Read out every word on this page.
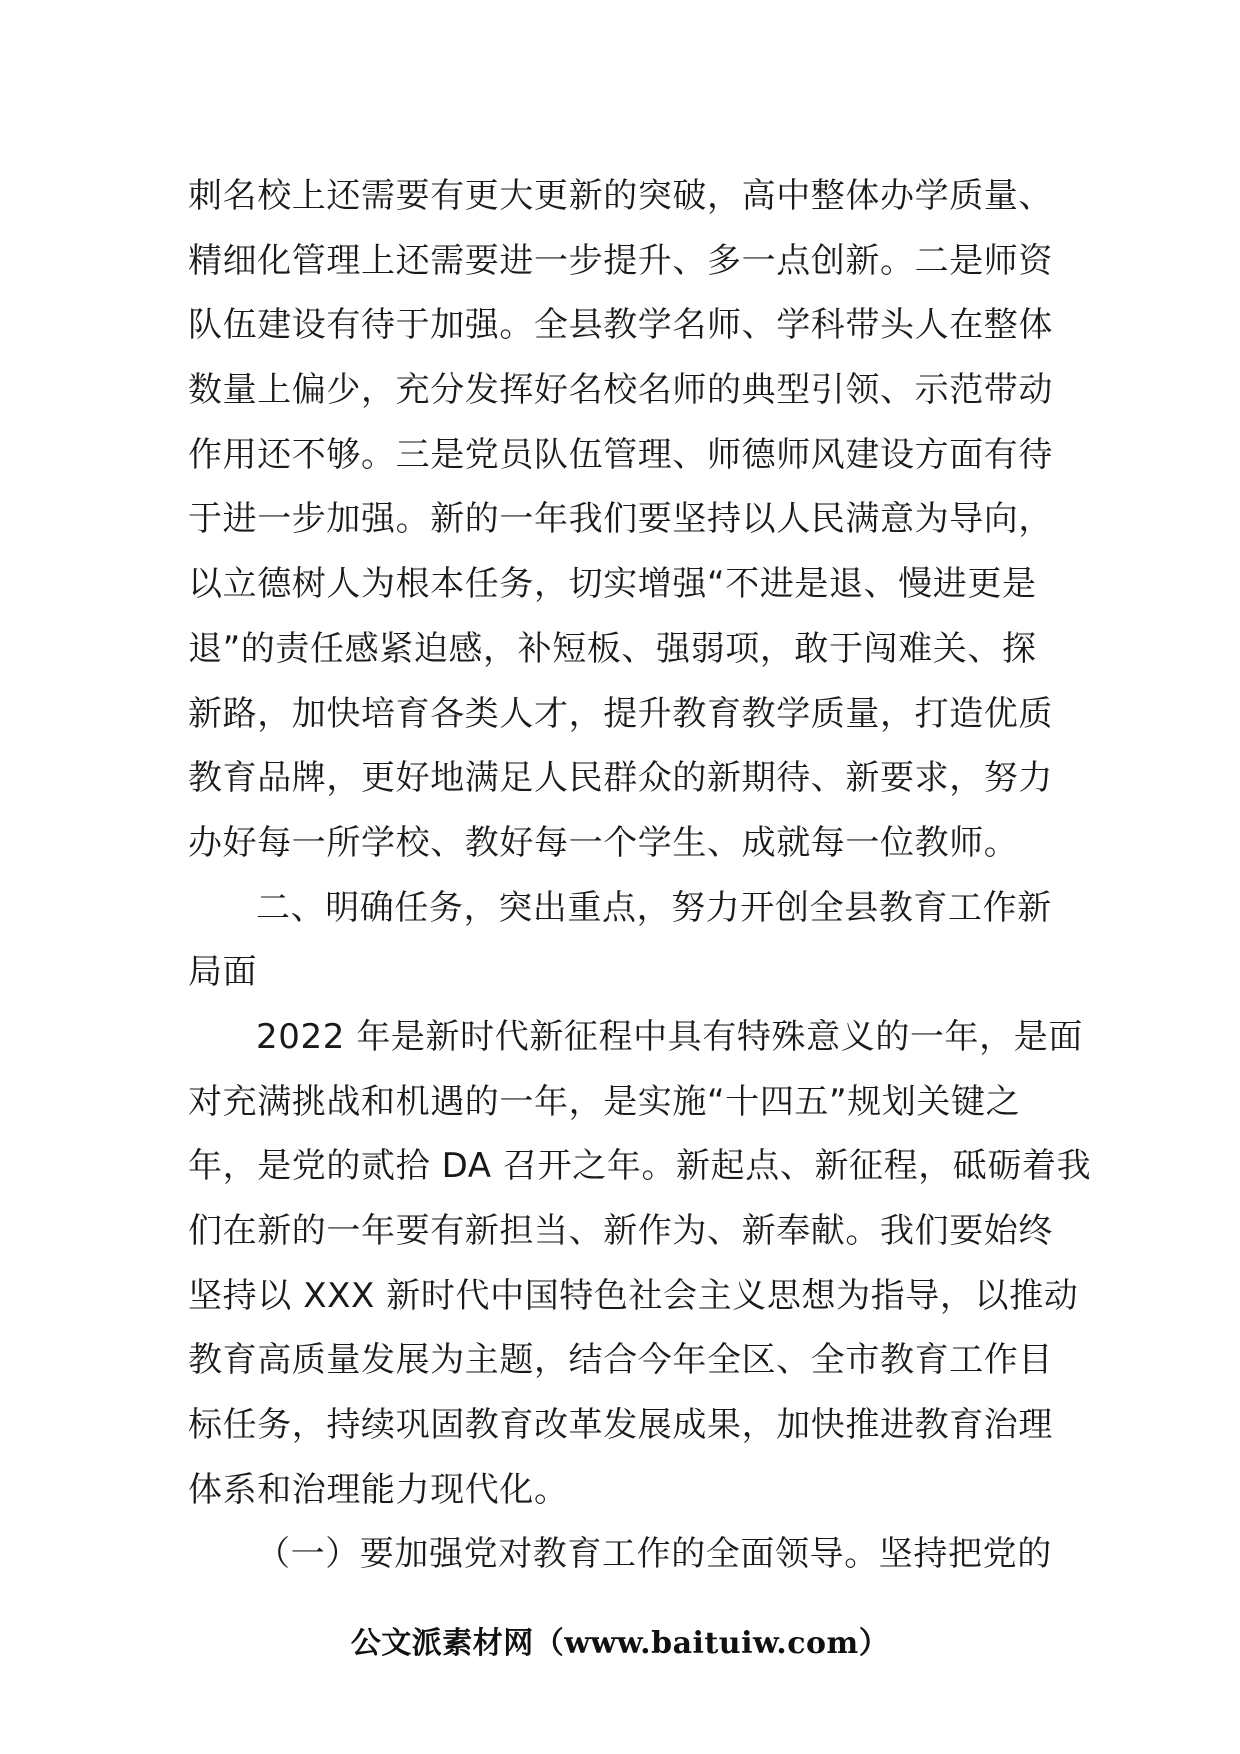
刺名校上还需要有更大更新的突破，高中整体办学质量、
精细化管理上还需要进一步提升、多一点创新。二是师资
队伍建设有待于加强。全县教学名师、学科带头人在整体
数量上偏少，充分发挥好名校名师的典型引领、示范带动
作用还不够。三是党员队伍管理、师德师风建设方面有待
于进一步加强。新的一年我们要坚持以人民满意为导向，
以立德树人为根本任务，切实增强“不进是退、慢进更是
退”的责任感紧迫感，补短板、强弱项，敢于闯难关、探
新路，加快培育各类人才，提升教育教学质量，打造优质
教育品牌，更好地满足人民群众的新期待、新要求，努力
办好每一所学校、教好每一个学生、成就每一位教师。
二、明确任务，突出重点，努力开创全县教育工作新
局面
2022 年是新时代新征程中具有特殊意义的一年，是面
对充满挑战和机遇的一年，是实施“十四五”规划关键之
年，是党的贰拾 DA 召开之年。新起点、新征程，砥砺着我
们在新的一年要有新担当、新作为、新奉献。我们要始终
坚持以 XXX 新时代中国特色社会主义思想为指导，以推动
教育高质量发展为主题，结合今年全区、全市教育工作目
标任务，持续巩固教育改革发展成果，加快推进教育治理
体系和治理能力现代化。
（一）要加强党对教育工作的全面领导。坚持把党的
公文派素材网（www.baituiw.com）
